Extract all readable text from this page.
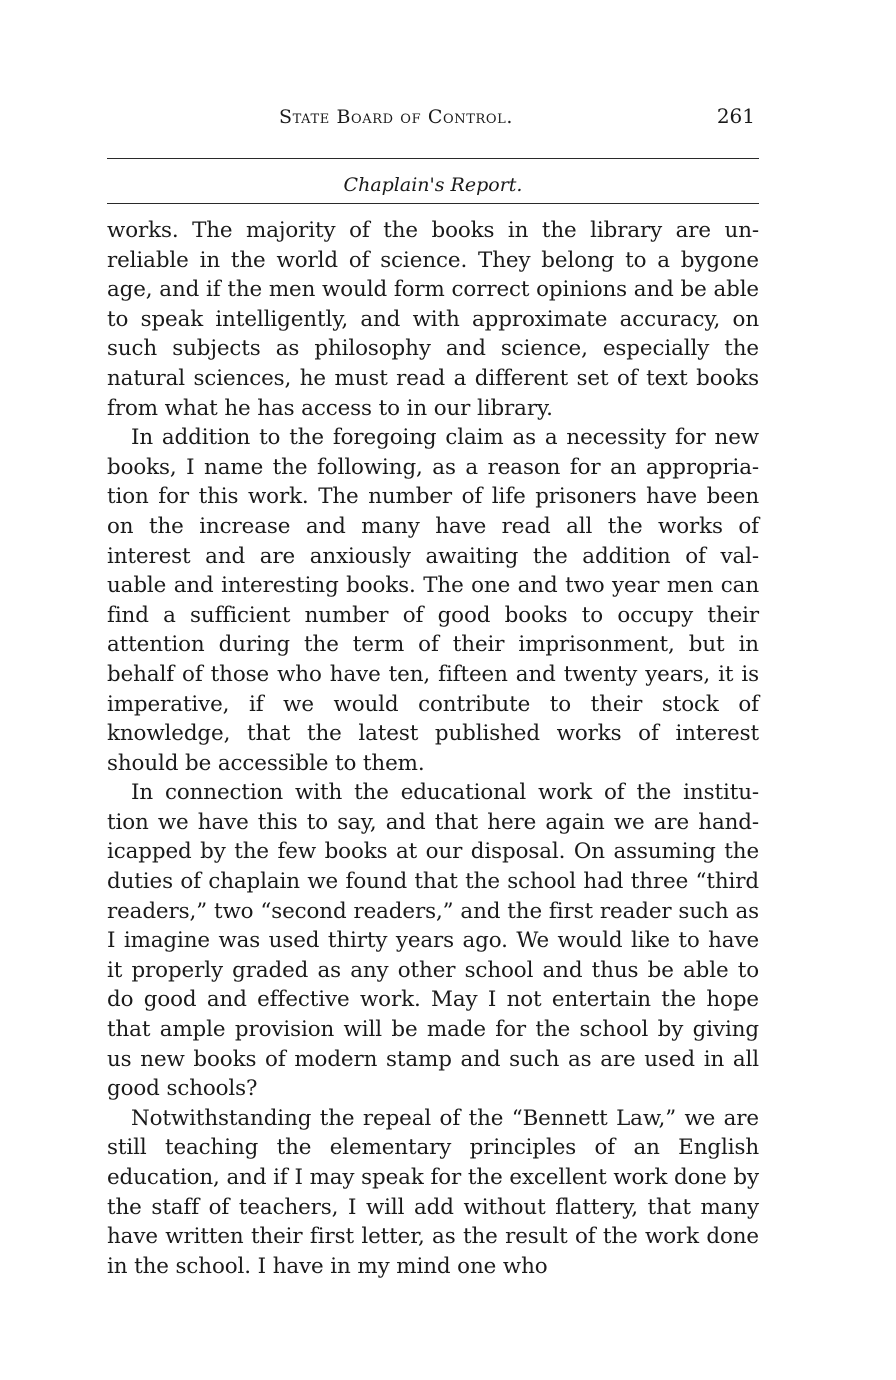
State Board of Control.	261
Chaplain's Report.

works. The majority of the books in the library are un- reliable in the world of science. They belong to a bygone age, and if the men would form correct opinions and be able to speak intelligently, and with approximate accuracy, on such subjects as philosophy and science, especially the natural sciences, he must read a different set of text books from what he has access to in our library.

In addition to the foregoing claim as a necessity for new books, I name the following, as a reason for an appropria- tion for this work. The number of life prisoners have been on the increase and many have read all the works of interest and are anxiously awaiting the addition of val- uable and interesting books. The one and two year men can find a sufficient number of good books to occupy their attention during the term of their imprisonment, but in behalf of those who have ten, fifteen and twenty years, it is imperative, if we would contribute to their stock of knowledge, that the latest published works of interest should be accessible to them.

In connection with the educational work of the institu- tion we have this to say, and that here again we are hand- icapped by the few books at our disposal. On assuming the duties of chaplain we found that the school had three “third readers,” two “second readers,” and the first reader such as I imagine was used thirty years ago. We would like to have it properly graded as any other school and thus be able to do good and effective work. May I not entertain the hope that ample provision will be made for the school by giving us new books of modern stamp and such as are used in all good schools?

Notwithstanding the repeal of the “Bennett Law,” we are still teaching the elementary principles of an English education, and if I may speak for the excellent work done by the staff of teachers, I will add without flattery, that many have written their first letter, as the result of the work done in the school. I have in my mind one who
